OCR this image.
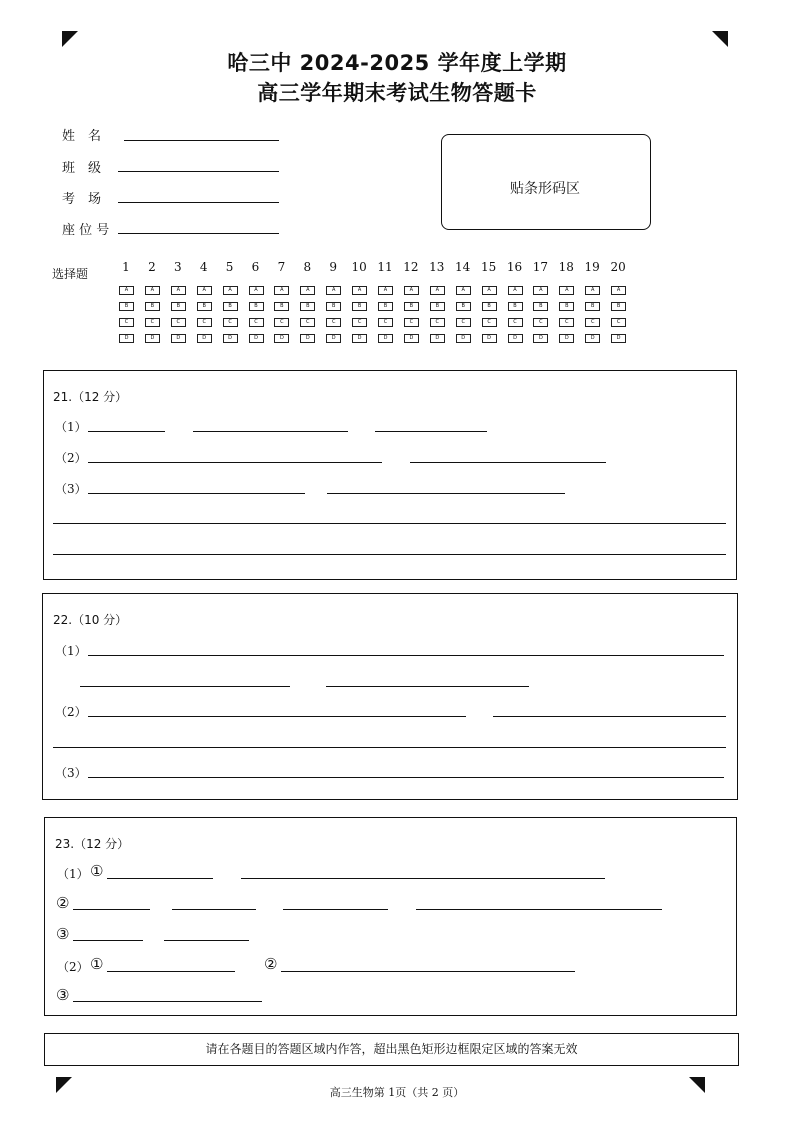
哈三中 2024-2025 学年度上学期
高三学年期末考试生物答题卡
姓　名
班　级
考　场
座 位 号
贴条形码区
选择题	1
A
B
C
D
2
A
B
C
D
3
A
B
C
D
4
A
B
C
D
5
A
B
C
D
6
A
B
C
D
7
A
B
C
D
8
A
B
C
D
9
A
B
C
D
10
A
B
C
D
11
A
B
C
D
12
A
B
C
D
13
A
B
C
D
14
A
B
C
D
15
A
B
C
D
16
A
B
C
D
17
A
B
C
D
18
A
B
C
D
19
A
B
C
D
20
A
B
C
D
21.（12 分）
（1）
（2）
（3）
22.（10 分）
（1）
（2）
（3）
23.（12 分）
（1） ①
②
③
（2） ①	②
③
请在各题目的答题区域内作答，超出黑色矩形边框限定区域的答案无效
高三生物第 1页（共 2 页）
